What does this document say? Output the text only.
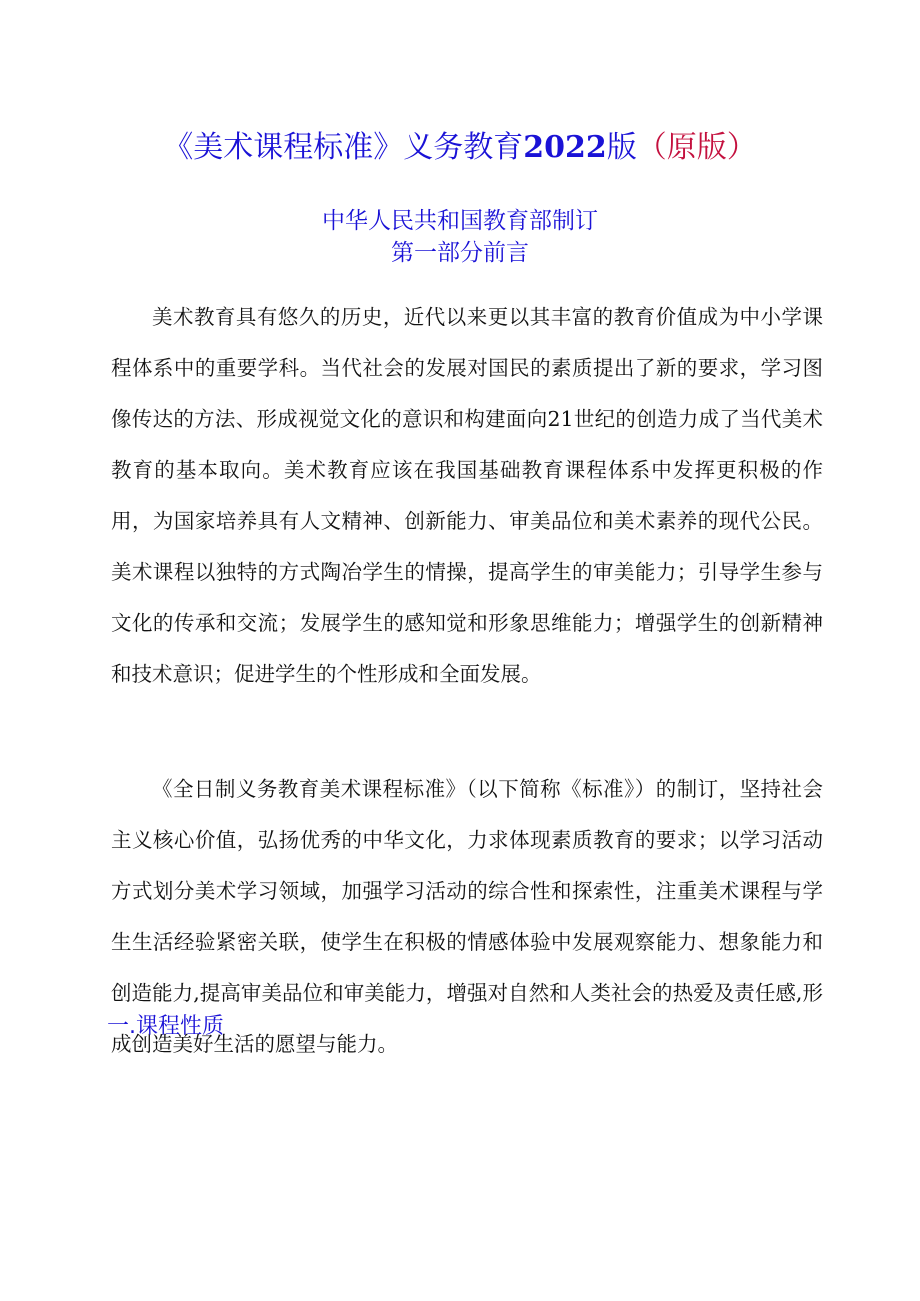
《美术课程标准》义务教育2022版（原版）

中华人民共和国教育部制订

第一部分前言

美术教育具有悠久的历史，近代以来更以其丰富的教育价值成为中小学课程体系中的重要学科。当代社会的发展对国民的素质提出了新的要求，学习图像传达的方法、形成视觉文化的意识和构建面向21世纪的创造力成了当代美术教育的基本取向。美术教育应该在我国基础教育课程体系中发挥更积极的作用，为国家培养具有人文精神、创新能力、审美品位和美术素养的现代公民。美术课程以独特的方式陶冶学生的情操，提高学生的审美能力；引导学生参与文化的传承和交流；发展学生的感知觉和形象思维能力；增强学生的创新精神和技术意识；促进学生的个性形成和全面发展。

《全日制义务教育美术课程标准》（以下简称《标准》）的制订，坚持社会主义核心价值，弘扬优秀的中华文化，力求体现素质教育的要求；以学习活动方式划分美术学习领域，加强学习活动的综合性和探索性，注重美术课程与学生生活经验紧密关联，使学生在积极的情感体验中发展观察能力、想象能力和创造能力,提高审美品位和审美能力，增强对自然和人类社会的热爱及责任感,形成创造美好生活的愿望与能力。

一.课程性质
